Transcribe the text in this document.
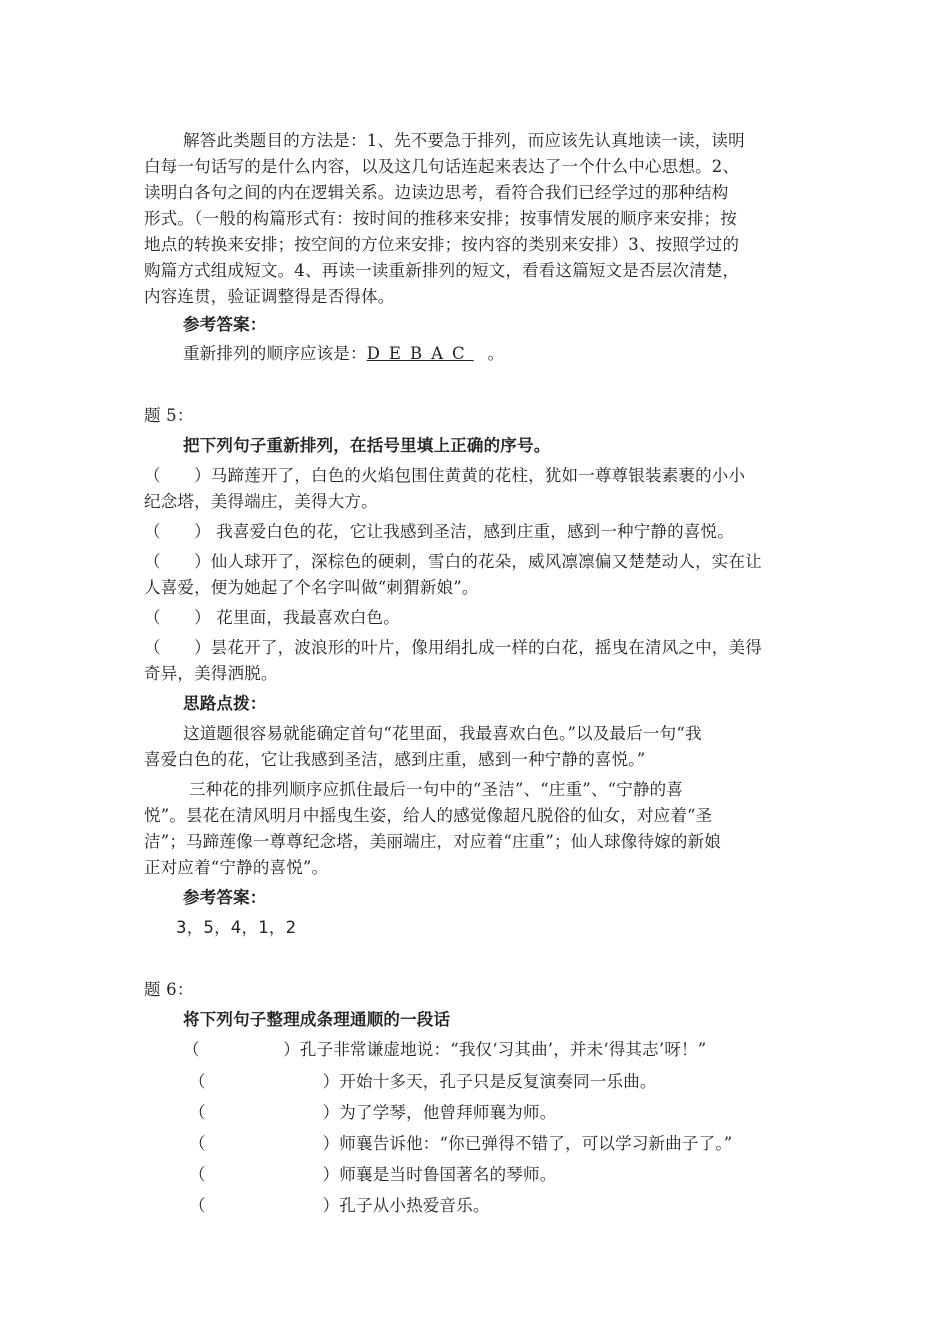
解答此类题目的方法是：1、先不要急于排列，而应该先认真地读一读，读明
白每一句话写的是什么内容，以及这几句话连起来表达了一个什么中心思想。2、
读明白各句之间的内在逻辑关系。边读边思考，看符合我们已经学过的那种结构
形式。（一般的构篇形式有：按时间的推移来安排；按事情发展的顺序来安排；按
地点的转换来安排；按空间的方位来安排；按内容的类别来安排）3、按照学过的
购篇方式组成短文。4、再读一读重新排列的短文，看看这篇短文是否层次清楚，
内容连贯，验证调整得是否得体。
参考答案：
重新排列的顺序应该是：DEBAC 。
题 5：
把下列句子重新排列，在括号里填上正确的序号。
（　　）马蹄莲开了，白色的火焰包围住黄黄的花柱，犹如一尊尊银装素裹的小小
纪念塔，美得端庄，美得大方。
（　　） 我喜爱白色的花，它让我感到圣洁，感到庄重，感到一种宁静的喜悦。
（　　）仙人球开了，深棕色的硬刺，雪白的花朵，威风凛凛偏又楚楚动人，实在让
人喜爱，便为她起了个名字叫做“刺猬新娘”。
（　　） 花里面，我最喜欢白色。
（　　）昙花开了，波浪形的叶片，像用绢扎成一样的白花，摇曳在清风之中，美得
奇异，美得洒脱。
思路点拨：
这道题很容易就能确定首句“花里面，我最喜欢白色。”以及最后一句“我
喜爱白色的花，它让我感到圣洁，感到庄重，感到一种宁静的喜悦。”
三种花的排列顺序应抓住最后一句中的“圣洁”、“庄重”、“宁静的喜
悦”。昙花在清风明月中摇曳生姿，给人的感觉像超凡脱俗的仙女，对应着“圣
洁”；马蹄莲像一尊尊纪念塔，美丽端庄，对应着“庄重”；仙人球像待嫁的新娘
正对应着“宁静的喜悦”。
参考答案：
3，5，4，1，2
题 6：
将下列句子整理成条理通顺的一段话
（　　　　　）孔子非常谦虚地说：“我仅‘习其曲’，并未‘得其志’呀！”
（　　　　　　　）开始十多天，孔子只是反复演奏同一乐曲。
（　　　　　　　）为了学琴，他曾拜师襄为师。
（　　　　　　　）师襄告诉他：“你已弹得不错了，可以学习新曲子了。”
（　　　　　　　）师襄是当时鲁国著名的琴师。
（　　　　　　　）孔子从小热爱音乐。
